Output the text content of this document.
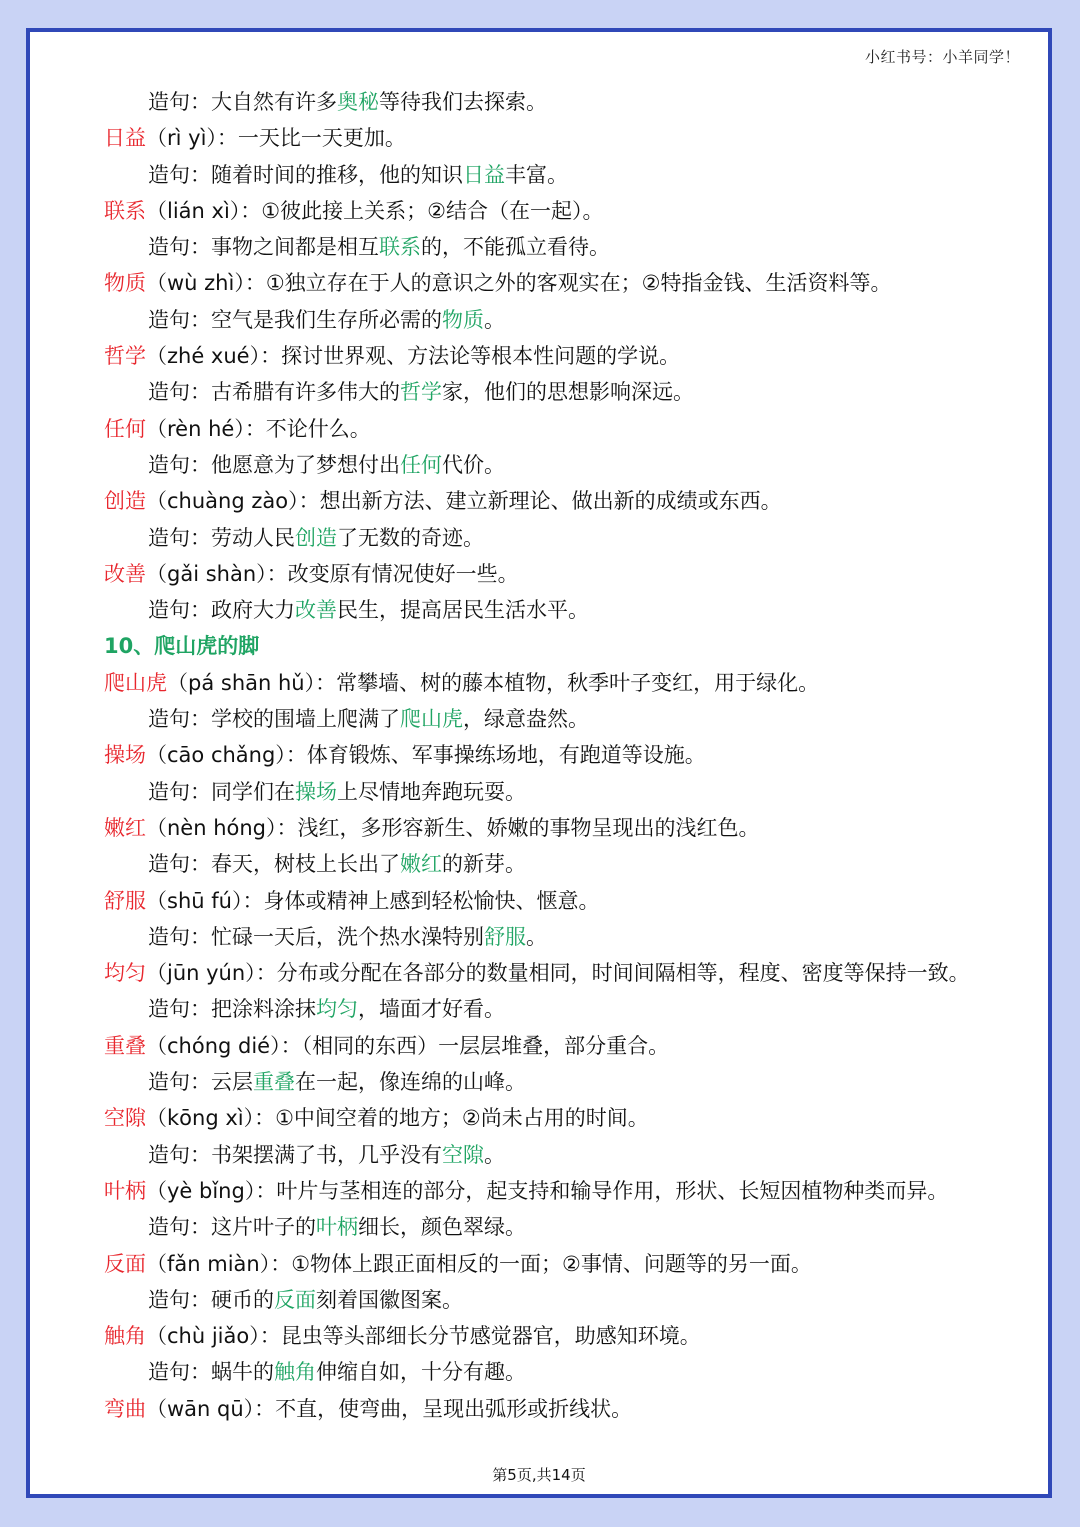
小红书号：小羊同学！
造句：大自然有许多奥秘等待我们去探索。
日益（rì yì）：一天比一天更加。
造句：随着时间的推移，他的知识日益丰富。
联系（lián xì）：①彼此接上关系；②结合（在一起）。
造句：事物之间都是相互联系的，不能孤立看待。
物质（wù zhì）：①独立存在于人的意识之外的客观实在；②特指金钱、生活资料等。
造句：空气是我们生存所必需的物质。
哲学（zhé xué）：探讨世界观、方法论等根本性问题的学说。
造句：古希腊有许多伟大的哲学家，他们的思想影响深远。
任何（rèn hé）：不论什么。
造句：他愿意为了梦想付出任何代价。
创造（chuàng zào）：想出新方法、建立新理论、做出新的成绩或东西。
造句：劳动人民创造了无数的奇迹。
改善（gǎi shàn）：改变原有情况使好一些。
造句：政府大力改善民生，提高居民生活水平。
10、爬山虎的脚
爬山虎（pá shān hǔ）：常攀墙、树的藤本植物，秋季叶子变红，用于绿化。
造句：学校的围墙上爬满了爬山虎，绿意盎然。
操场（cāo chǎng）：体育锻炼、军事操练场地，有跑道等设施。
造句：同学们在操场上尽情地奔跑玩耍。
嫩红（nèn hóng）：浅红，多形容新生、娇嫩的事物呈现出的浅红色。
造句：春天，树枝上长出了嫩红的新芽。
舒服（shū fú）：身体或精神上感到轻松愉快、惬意。
造句：忙碌一天后，洗个热水澡特别舒服。
均匀（jūn yún）：分布或分配在各部分的数量相同，时间间隔相等，程度、密度等保持一致。
造句：把涂料涂抹均匀，墙面才好看。
重叠（chóng dié）：（相同的东西）一层层堆叠，部分重合。
造句：云层重叠在一起，像连绵的山峰。
空隙（kōng xì）：①中间空着的地方；②尚未占用的时间。
造句：书架摆满了书，几乎没有空隙。
叶柄（yè bǐng）：叶片与茎相连的部分，起支持和输导作用，形状、长短因植物种类而异。
造句：这片叶子的叶柄细长，颜色翠绿。
反面（fǎn miàn）：①物体上跟正面相反的一面；②事情、问题等的另一面。
造句：硬币的反面刻着国徽图案。
触角（chù jiǎo）：昆虫等头部细长分节感觉器官，助感知环境。
造句：蜗牛的触角伸缩自如，十分有趣。
弯曲（wān qū）：不直，使弯曲，呈现出弧形或折线状。
第5页,共14页
